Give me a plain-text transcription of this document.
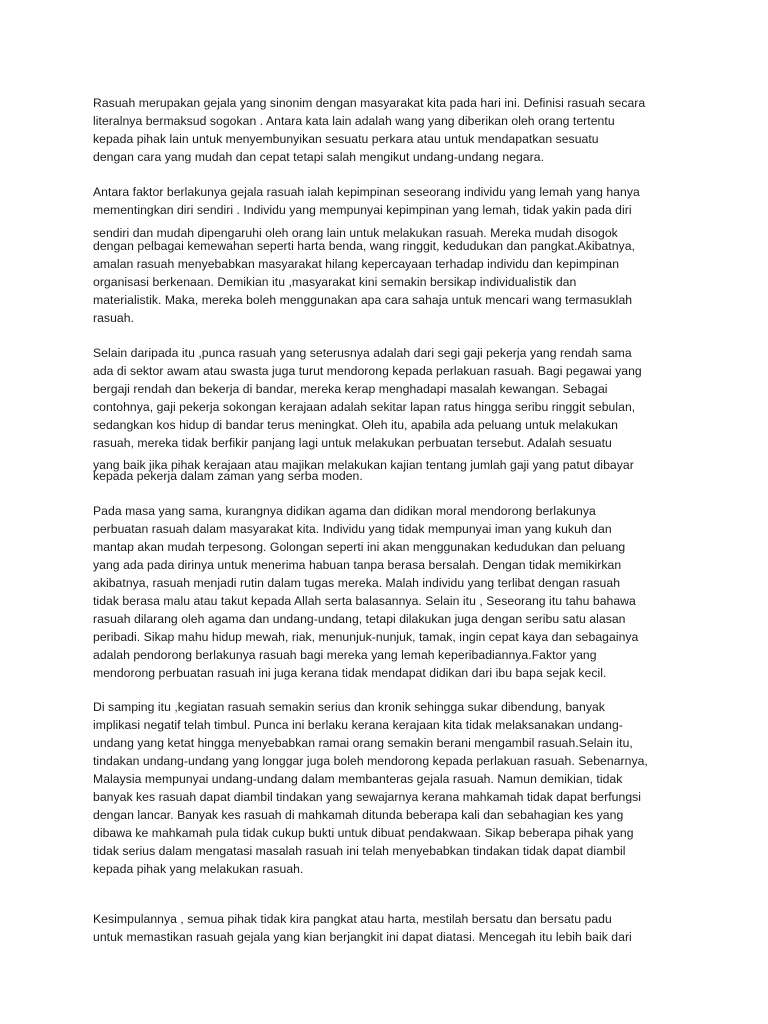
Rasuah merupakan gejala yang sinonim dengan masyarakat kita pada hari ini. Definisi rasuah secara
literalnya bermaksud sogokan . Antara kata lain adalah wang yang diberikan oleh orang tertentu
kepada pihak lain untuk menyembunyikan sesuatu perkara atau untuk mendapatkan sesuatu
dengan cara yang mudah dan cepat tetapi salah mengikut undang-undang negara.
Antara faktor berlakunya gejala rasuah ialah kepimpinan seseorang individu yang lemah yang hanya
mementingkan diri sendiri . Individu yang mempunyai kepimpinan yang lemah, tidak yakin pada diri
sendiri dan mudah dipengaruhi oleh orang lain untuk melakukan rasuah. Mereka mudah disogok
dengan pelbagai kemewahan seperti harta benda, wang ringgit, kedudukan dan pangkat.Akibatnya,
amalan rasuah menyebabkan masyarakat hilang kepercayaan terhadap individu dan kepimpinan
organisasi berkenaan. Demikian itu ,masyarakat kini semakin bersikap individualistik dan
materialistik. Maka, mereka boleh menggunakan apa cara sahaja untuk mencari wang termasuklah
rasuah.
Selain daripada itu ,punca rasuah yang seterusnya adalah dari segi gaji pekerja yang rendah sama
ada di sektor awam atau swasta juga turut mendorong kepada perlakuan rasuah. Bagi pegawai yang
bergaji rendah dan bekerja di bandar, mereka kerap menghadapi masalah kewangan. Sebagai
contohnya, gaji pekerja sokongan kerajaan adalah sekitar lapan ratus hingga seribu ringgit sebulan,
sedangkan kos hidup di bandar terus meningkat. Oleh itu, apabila ada peluang untuk melakukan
rasuah, mereka tidak berfikir panjang lagi untuk melakukan perbuatan tersebut. Adalah sesuatu
yang baik jika pihak kerajaan atau majikan melakukan kajian tentang jumlah gaji yang patut dibayar
kepada pekerja dalam zaman yang serba moden.
Pada masa yang sama, kurangnya didikan agama dan didikan moral mendorong berlakunya
perbuatan rasuah dalam masyarakat kita. Individu yang tidak mempunyai iman yang kukuh dan
mantap akan mudah terpesong. Golongan seperti ini akan menggunakan kedudukan dan peluang
yang ada pada dirinya untuk menerima habuan tanpa berasa bersalah. Dengan tidak memikirkan
akibatnya, rasuah menjadi rutin dalam tugas mereka. Malah individu yang terlibat dengan rasuah
tidak berasa malu atau takut kepada Allah serta balasannya. Selain itu , Seseorang itu tahu bahawa
rasuah dilarang oleh agama dan undang-undang, tetapi dilakukan juga dengan seribu satu alasan
peribadi. Sikap mahu hidup mewah, riak, menunjuk-nunjuk, tamak, ingin cepat kaya dan sebagainya
adalah pendorong berlakunya rasuah bagi mereka yang lemah keperibadiannya.Faktor yang
mendorong perbuatan rasuah ini juga kerana tidak mendapat didikan dari ibu bapa sejak kecil.
Di samping itu ,kegiatan rasuah semakin serius dan kronik sehingga sukar dibendung, banyak
implikasi negatif telah timbul. Punca ini berlaku kerana kerajaan kita tidak melaksanakan undang-
undang yang ketat hingga menyebabkan ramai orang semakin berani mengambil rasuah.Selain itu,
tindakan undang-undang yang longgar juga boleh mendorong kepada perlakuan rasuah. Sebenarnya,
Malaysia mempunyai undang-undang dalam membanteras gejala rasuah. Namun demikian, tidak
banyak kes rasuah dapat diambil tindakan yang sewajarnya kerana mahkamah tidak dapat berfungsi
dengan lancar. Banyak kes rasuah di mahkamah ditunda beberapa kali dan sebahagian kes yang
dibawa ke mahkamah pula tidak cukup bukti untuk dibuat pendakwaan. Sikap beberapa pihak yang
tidak serius dalam mengatasi masalah rasuah ini telah menyebabkan tindakan tidak dapat diambil
kepada pihak yang melakukan rasuah.
Kesimpulannya , semua pihak tidak kira pangkat atau harta, mestilah bersatu dan bersatu padu
untuk memastikan rasuah gejala yang kian berjangkit ini dapat diatasi. Mencegah itu lebih baik dari
